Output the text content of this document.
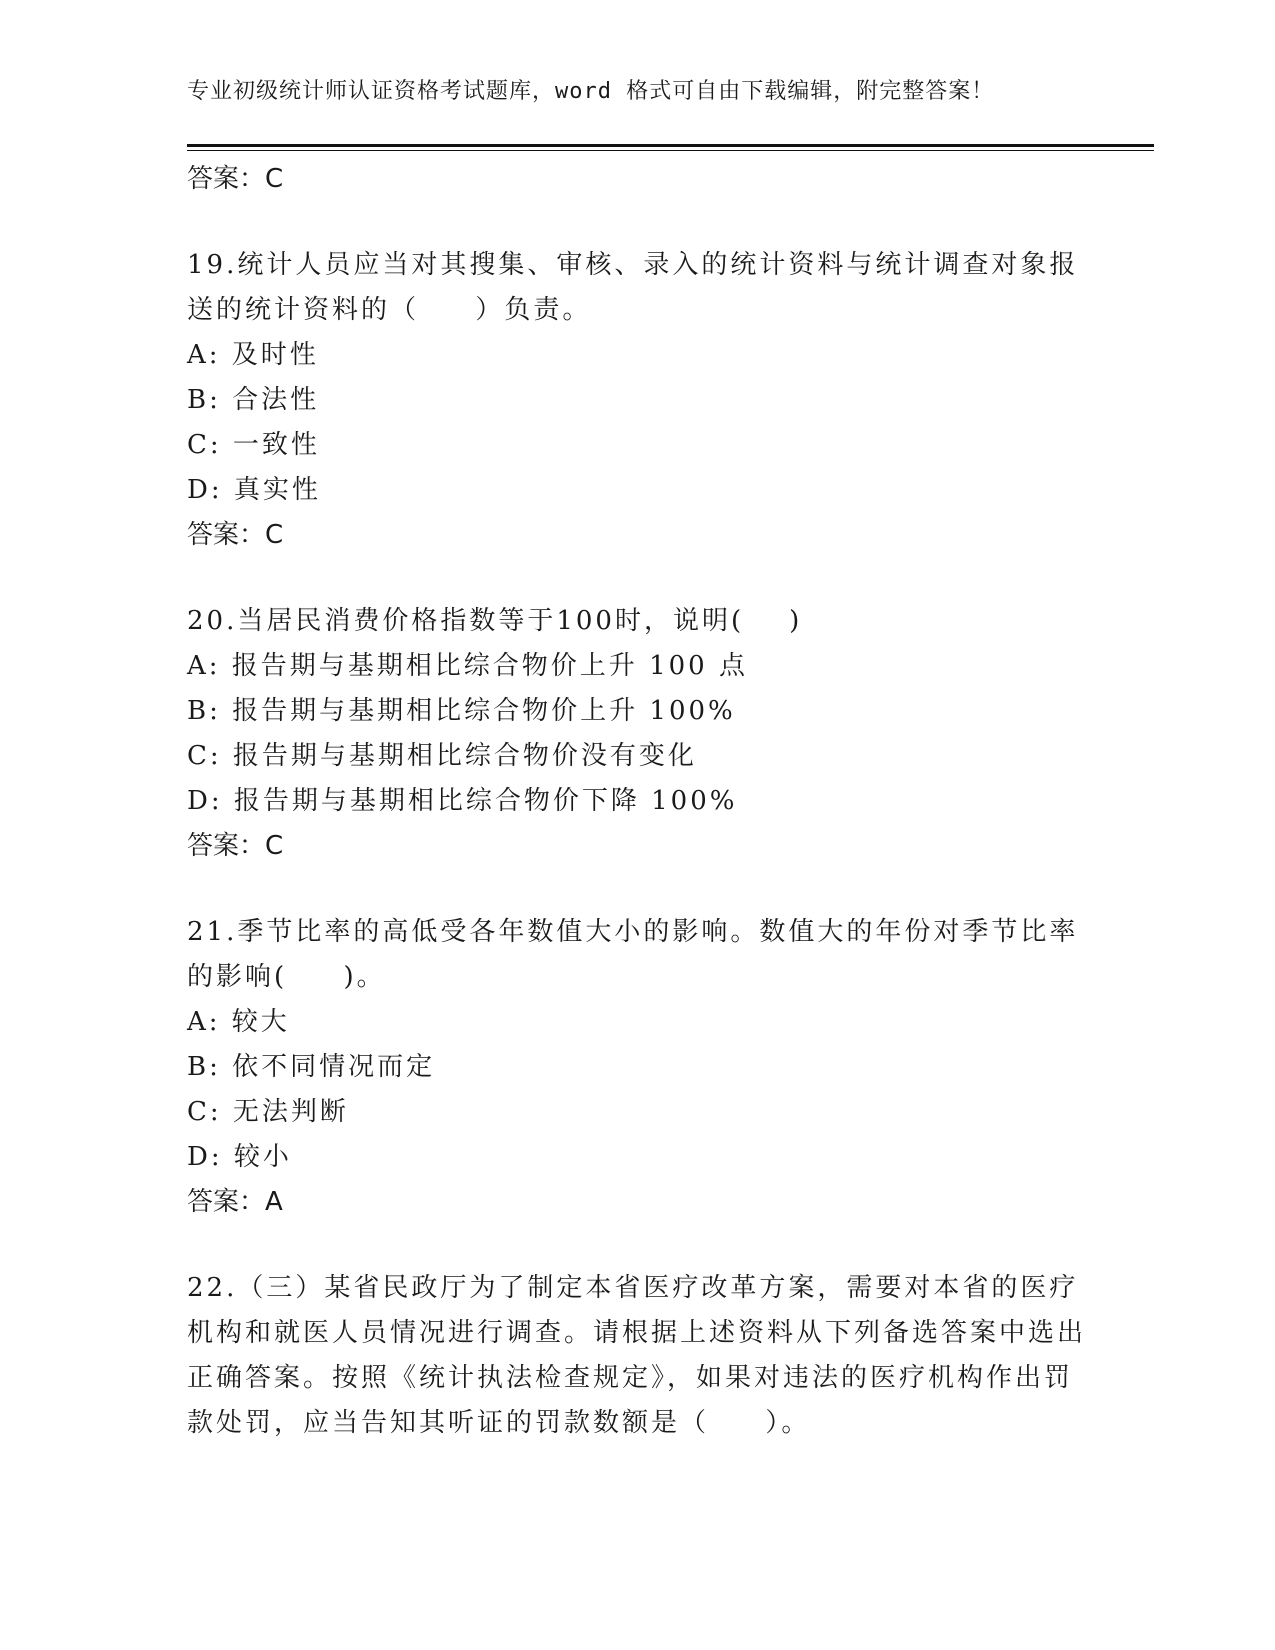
专业初级统计师认证资格考试题库，word 格式可自由下载编辑，附完整答案！
答案：C
19.统计人员应当对其搜集、审核、录入的统计资料与统计调查对象报送的统计资料的（     ）负责。
A: 及时性
B: 合法性
C: 一致性
D: 真实性
答案：C
20.当居民消费价格指数等于100时，说明(    )
A: 报告期与基期相比综合物价上升 100 点
B: 报告期与基期相比综合物价上升 100%
C: 报告期与基期相比综合物价没有变化
D: 报告期与基期相比综合物价下降 100%
答案：C
21.季节比率的高低受各年数值大小的影响。数值大的年份对季节比率的影响(     )。
A: 较大
B: 依不同情况而定
C: 无法判断
D: 较小
答案：A
22.（三）某省民政厅为了制定本省医疗改革方案，需要对本省的医疗机构和就医人员情况进行调查。请根据上述资料从下列备选答案中选出正确答案。按照《统计执法检查规定》，如果对违法的医疗机构作出罚款处罚，应当告知其听证的罚款数额是（     ）。
